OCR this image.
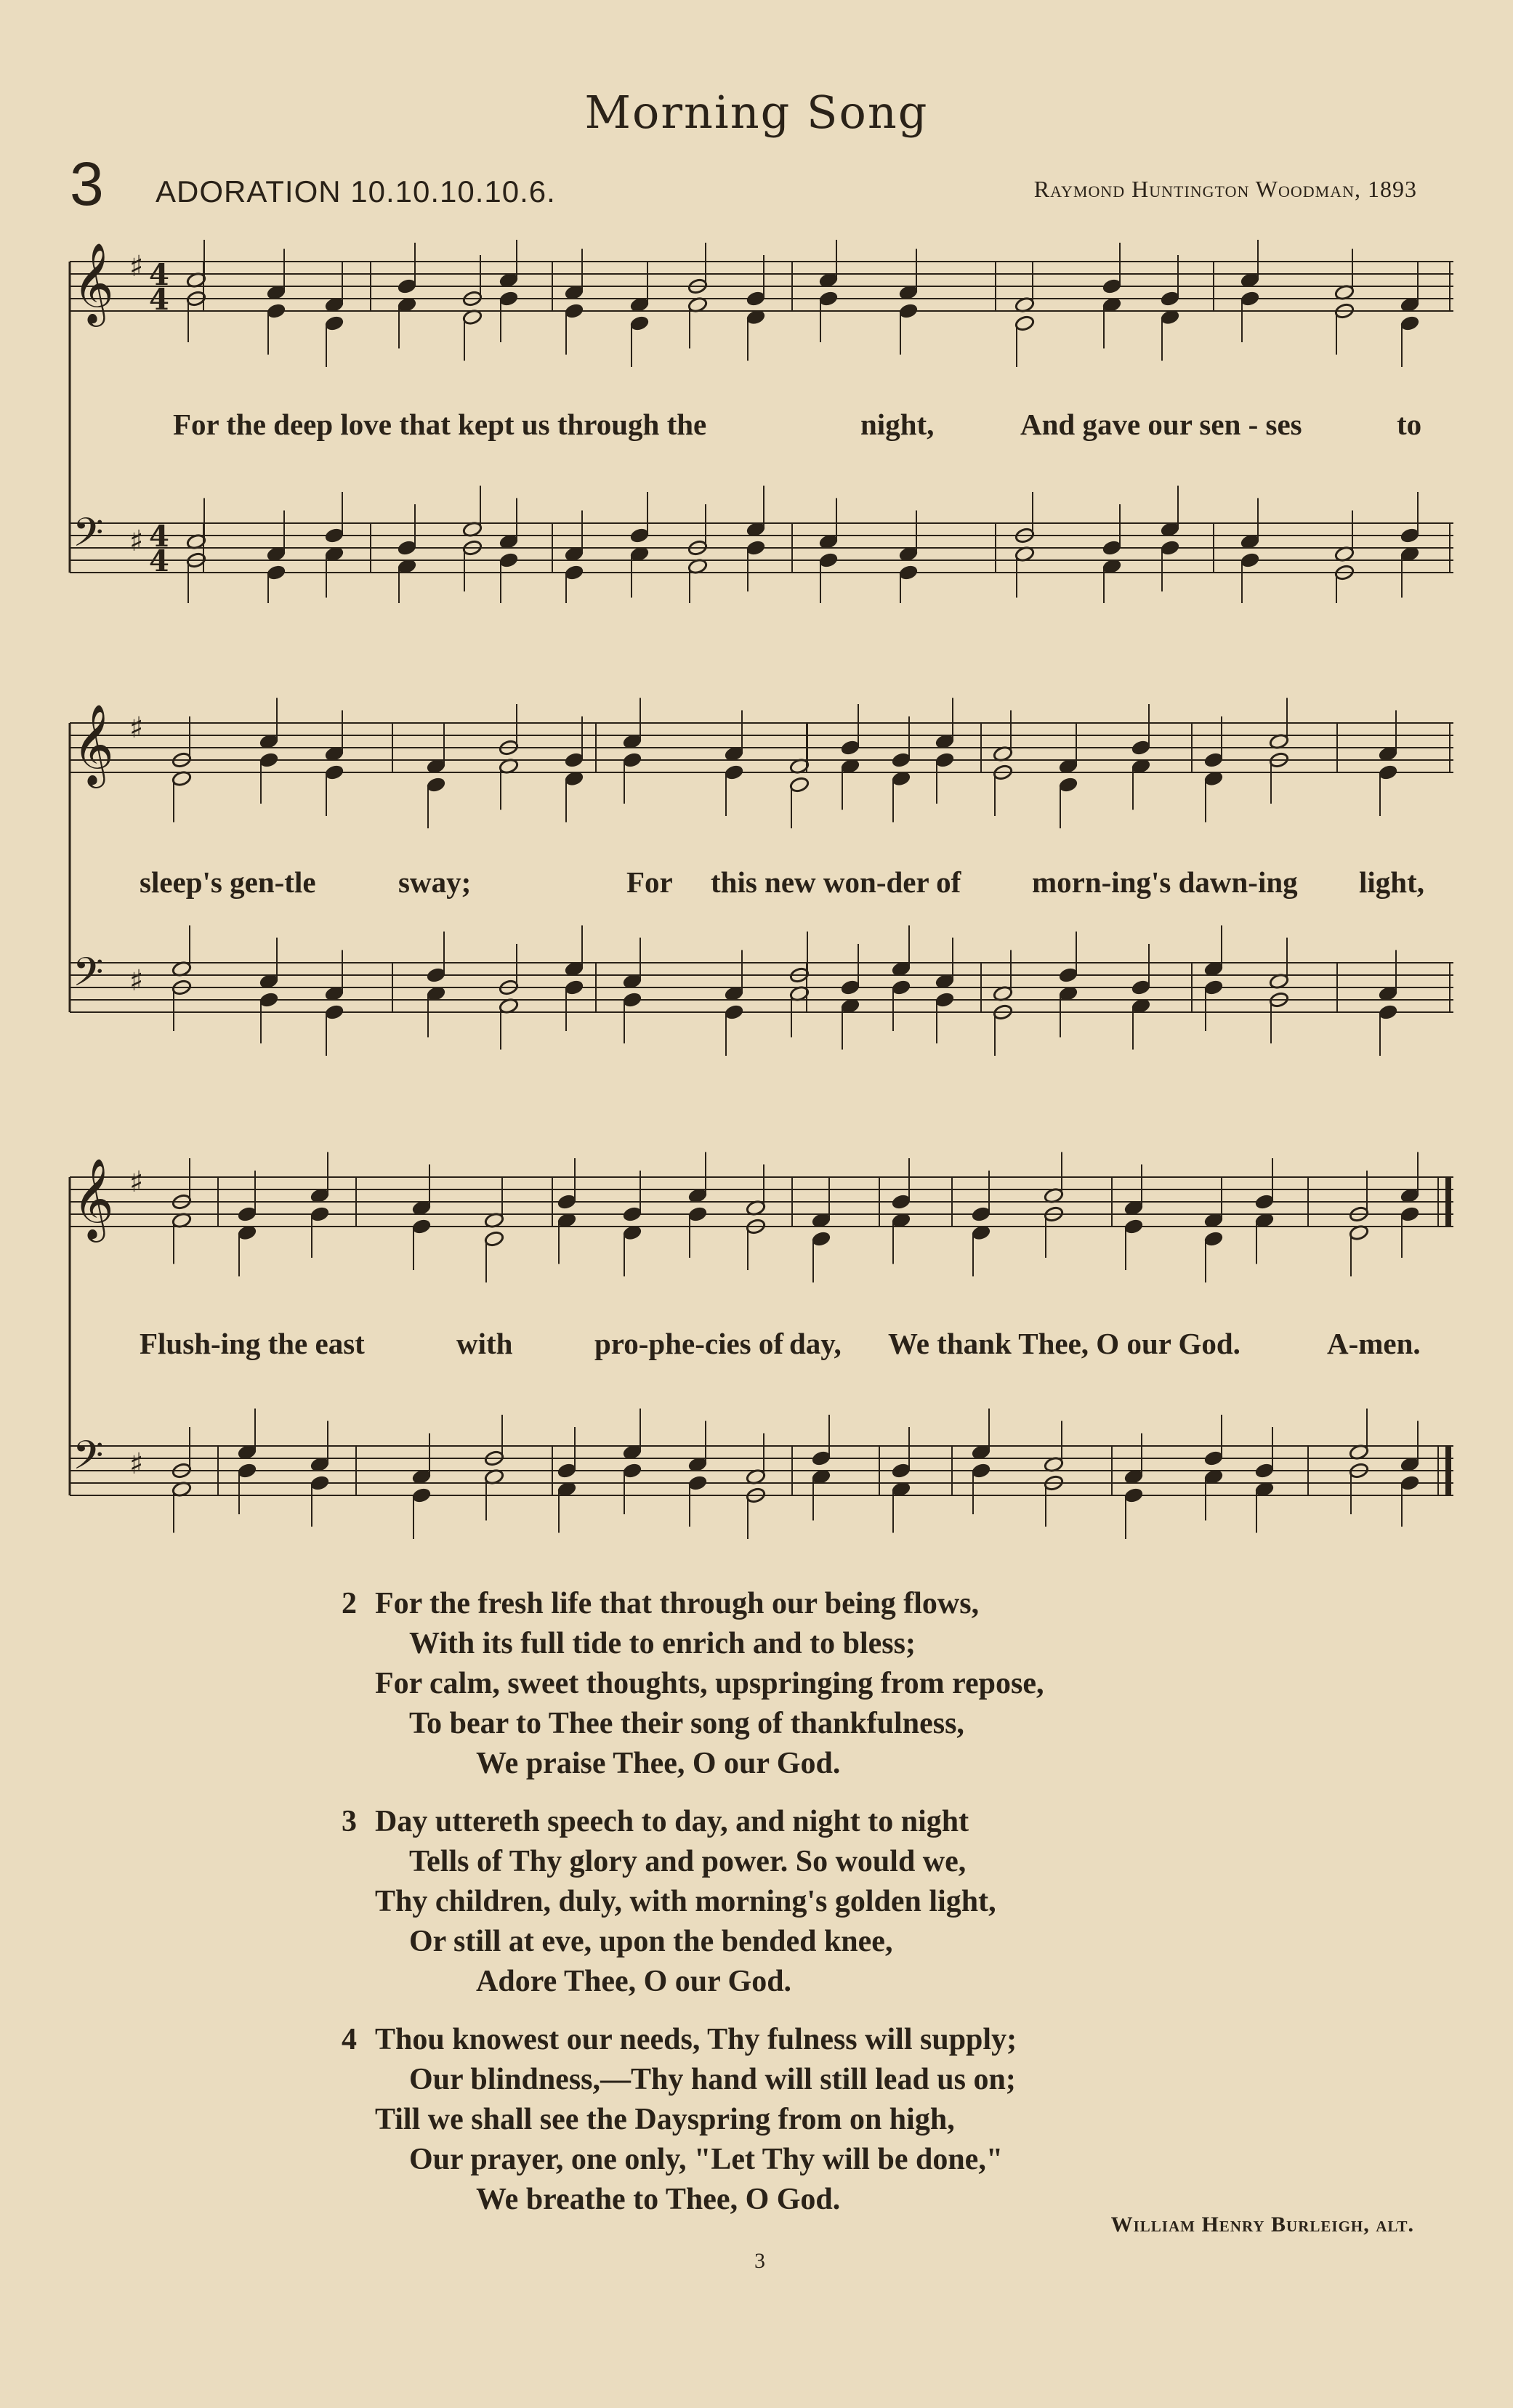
Morning Song
3 ADORATION 10.10.10.10.6.	Raymond Huntington Woodman, 1893
𝄞 ♯ 4
4
𝄢 ♯ 4
4
For the deep love that kept us through the	night,	And gave our sen - ses	to
𝄞 ♯
𝄢 ♯
sleep's gen-tle	sway;	For this new won-der of morn-ing's dawn-ing light,
𝄞 ♯
𝄢 ♯
Flush-ing the east	with	pro-phe-cies of day, We thank Thee, O our God.	A-men.
2 For the fresh life that through our being flows,
With its full tide to enrich and to bless;
For calm, sweet thoughts, upspringing from repose,
To bear to Thee their song of thankfulness,
We praise Thee, O our God.
3 Day uttereth speech to day, and night to night
Tells of Thy glory and power. So would we,
Thy children, duly, with morning's golden light,
Or still at eve, upon the bended knee,
Adore Thee, O our God.
4 Thou knowest our needs, Thy fulness will supply;
Our blindness,—Thy hand will still lead us on;
Till we shall see the Dayspring from on high,
Our prayer, one only, "Let Thy will be done,"
We breathe to Thee, O God.
William Henry Burleigh, alt.
3
